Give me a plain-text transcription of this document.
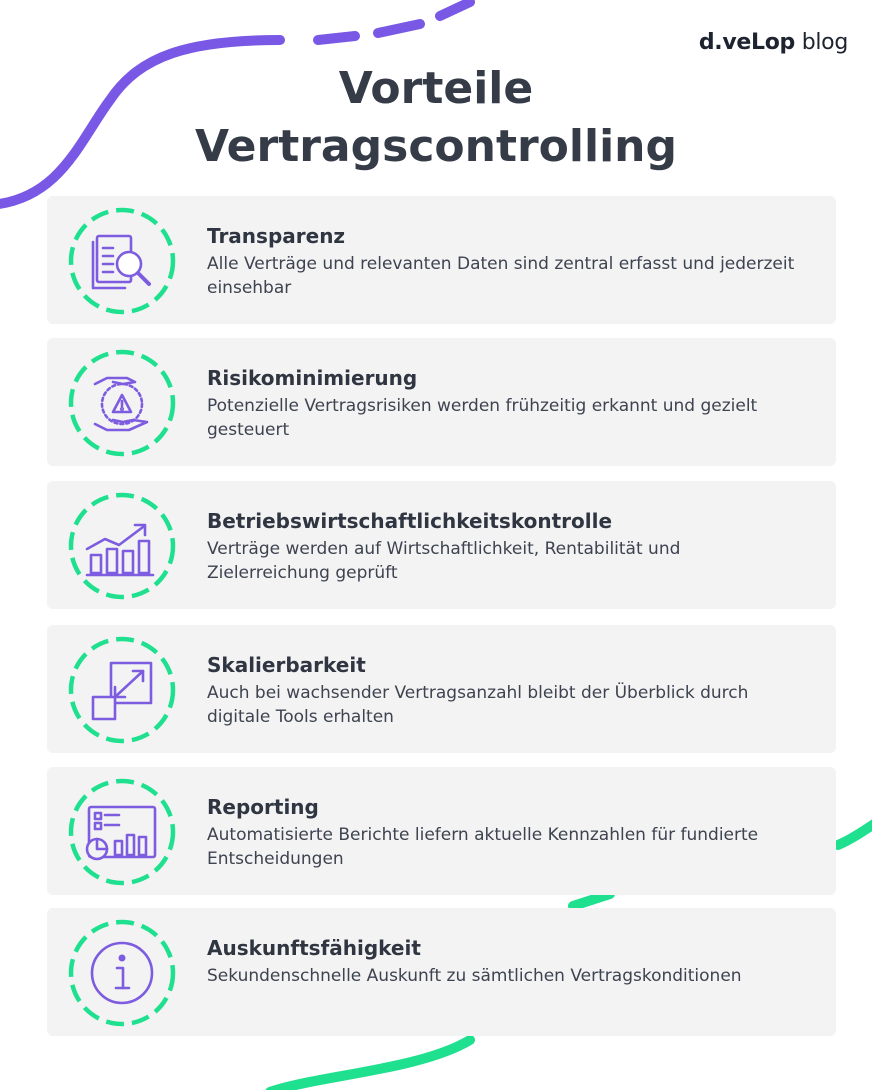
d.veLop blog
Vorteile
Vertragscontrolling
Transparenz
Alle Verträge und relevanten Daten sind zentral erfasst und jederzeit einsehbar
Risikominimierung
Potenzielle Vertragsrisiken werden frühzeitig erkannt und gezielt gesteuert
Betriebswirtschaftlichkeitskontrolle
Verträge werden auf Wirtschaftlichkeit, Rentabilität und Zielerreichung geprüft
Skalierbarkeit
Auch bei wachsender Vertragsanzahl bleibt der Überblick durch digitale Tools erhalten
Reporting
Automatisierte Berichte liefern aktuelle Kennzahlen für fundierte Entscheidungen
Auskunftsfähigkeit
Sekundenschnelle Auskunft zu sämtlichen Vertragskonditionen
